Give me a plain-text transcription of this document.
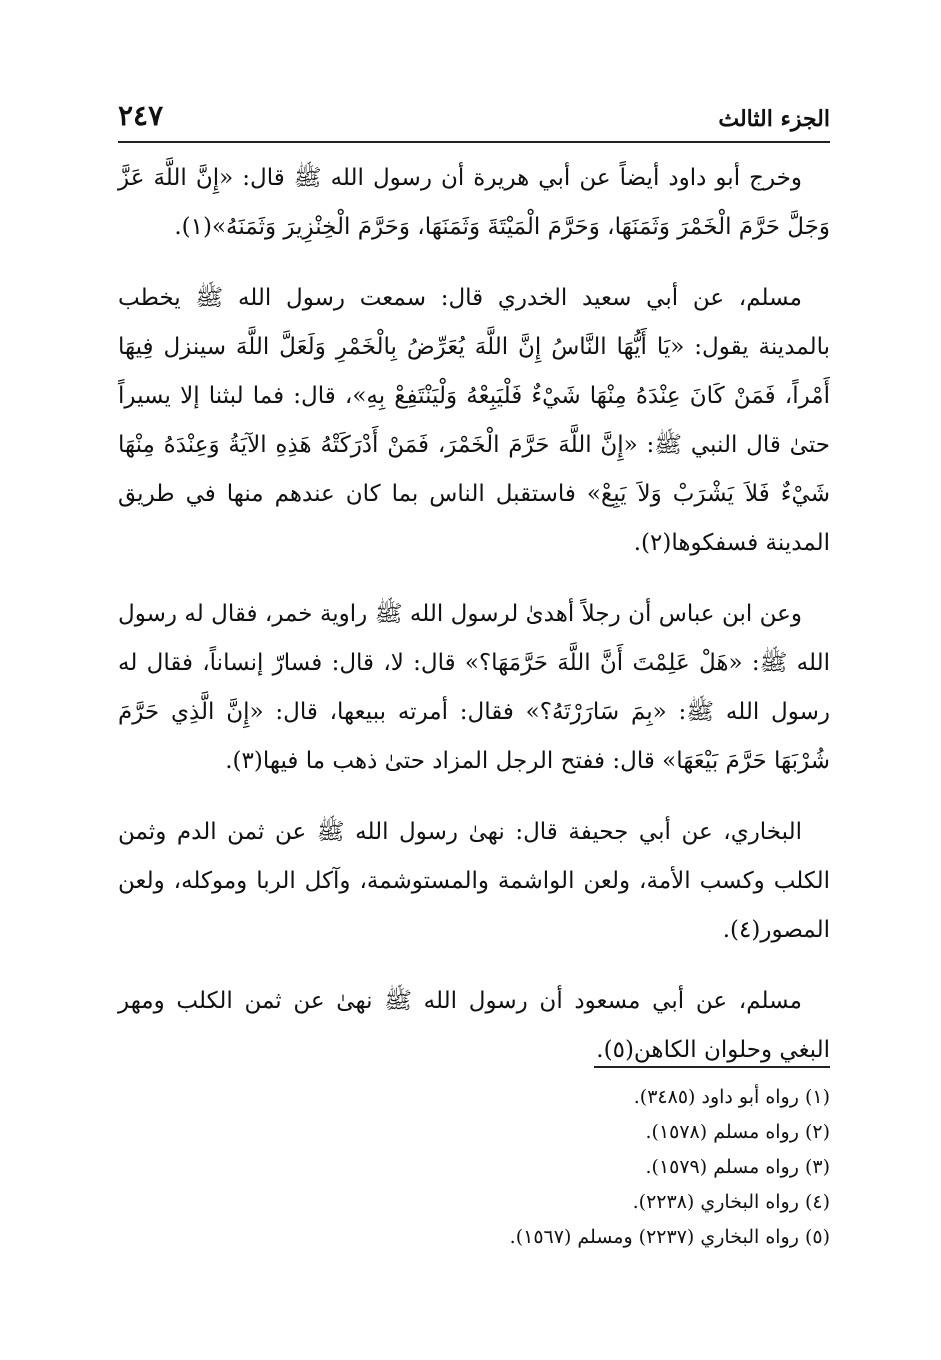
الجزء الثالث
٢٤٧

وخرج أبو داود أيضاً عن أبي هريرة أن رسول الله ﷺ قال: «إِنَّ اللَّهَ عَزَّ وَجَلَّ حَرَّمَ الْخَمْرَ وَثَمَنَهَا، وَحَرَّمَ الْمَيْتَةَ وَثَمَنَهَا، وَحَرَّمَ الْخِنْزِيرَ وَثَمَنَهُ»(١).

مسلم، عن أبي سعيد الخدري قال: سمعت رسول الله ﷺ يخطب بالمدينة يقول: «يَا أَيُّهَا النَّاسُ إِنَّ اللَّهَ يُعَرِّضُ بِالْخَمْرِ وَلَعَلَّ اللَّهَ سينزل فِيهَا أَمْراً، فَمَنْ كَانَ عِنْدَهُ مِنْهَا شَيْءٌ فَلْيَبِعْهُ وَلْيَنْتَفِعْ بِهِ»، قال: فما لبثنا إلا يسيراً حتىٰ قال النبي ﷺ: «إِنَّ اللَّهَ حَرَّمَ الْخَمْرَ، فَمَنْ أَدْرَكَتْهُ هَذِهِ الآيَةُ وَعِنْدَهُ مِنْهَا شَيْءٌ فَلاَ يَشْرَبْ وَلاَ يَبِعْ» فاستقبل الناس بما كان عندهم منها في طريق المدينة فسفكوها(٢).

وعن ابن عباس أن رجلاً أهدىٰ لرسول الله ﷺ راوية خمر، فقال له رسول الله ﷺ: «هَلْ عَلِمْتَ أَنَّ اللَّهَ حَرَّمَهَا؟» قال: لا، قال: فسارّ إنساناً، فقال له رسول الله ﷺ: «بِمَ سَارَرْتَهُ؟» فقال: أمرته ببيعها، قال: «إِنَّ الَّذِي حَرَّمَ شُرْبَهَا حَرَّمَ بَيْعَهَا» قال: ففتح الرجل المزاد حتىٰ ذهب ما فيها(٣).

البخاري، عن أبي جحيفة قال: نهىٰ رسول الله ﷺ عن ثمن الدم وثمن الكلب وكسب الأمة، ولعن الواشمة والمستوشمة، وآكل الربا وموكله، ولعن المصور(٤).

مسلم، عن أبي مسعود أن رسول الله ﷺ نهىٰ عن ثمن الكلب ومهر البغي وحلوان الكاهن(٥).

(١) رواه أبو داود (٣٤٨٥).

(٢) رواه مسلم (١٥٧٨).

(٣) رواه مسلم (١٥٧٩).

(٤) رواه البخاري (٢٢٣٨).

(٥) رواه البخاري (٢٢٣٧) ومسلم (١٥٦٧).
